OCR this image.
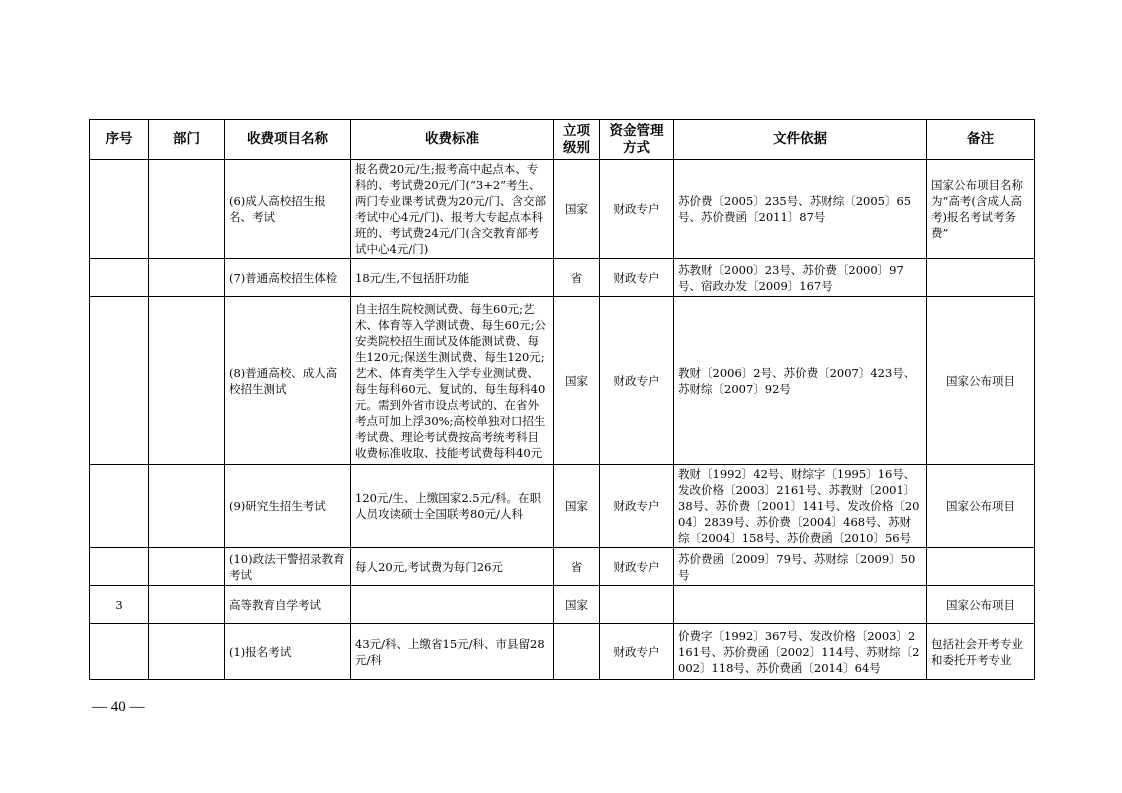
序号	部门	收费项目名称	收费标准	立项级别	资金管理方式	文件依据	备注
		(6)成人高校招生报名、考试	报名费20元/生;报考高中起点本、专科的、考试费20元/门(“3+2”考生、两门专业课考试费为20元/门、含交部考试中心4元/门)、报考大专起点本科班的、考试费24元/门(含交教育部考试中心4元/门)	国家	财政专户	苏价费〔2005〕235号、苏财综〔2005〕65号、苏价费函〔2011〕87号	国家公布项目名称为“高考(含成人高考)报名考试考务费”
		(7)普通高校招生体检	18元/生,不包括肝功能	省	财政专户	苏教财〔2000〕23号、苏价费〔2000〕97号、宿政办发〔2009〕167号	
		(8)普通高校、成人高校招生测试	自主招生院校测试费、每生60元;艺术、体育等入学测试费、每生60元;公安类院校招生面试及体能测试费、每生120元;保送生测试费、每生120元;艺术、体育类学生入学专业测试费、每生每科60元、复试的、每生每科40元。需到外省市设点考试的、在省外考点可加上浮30%;高校单独对口招生考试费、理论考试费按高考统考科目收费标准收取、技能考试费每科40元	国家	财政专户	教财〔2006〕2号、苏价费〔2007〕423号、苏财综〔2007〕92号	国家公布项目
		(9)研究生招生考试	120元/生、上缴国家2.5元/科。在职人员攻读硕士全国联考80元/人科	国家	财政专户	教财〔1992〕42号、财综字〔1995〕16号、发改价格〔2003〕2161号、苏教财〔2001〕38号、苏价费〔2001〕141号、发改价格〔2004〕2839号、苏价费〔2004〕468号、苏财综〔2004〕158号、苏价费函〔2010〕56号	国家公布项目
		(10)政法干警招录教育考试	每人20元,考试费为每门26元	省	财政专户	苏价费函〔2009〕79号、苏财综〔2009〕50号	
3		高等教育自学考试		国家			国家公布项目
		(1)报名考试	43元/科、上缴省15元/科、市县留28元/科		财政专户	价费字〔1992〕367号、发改价格〔2003〕2161号、苏价费函〔2002〕114号、苏财综〔2002〕118号、苏价费函〔2014〕64号	包括社会开考专业和委托开考专业
— 40 —
